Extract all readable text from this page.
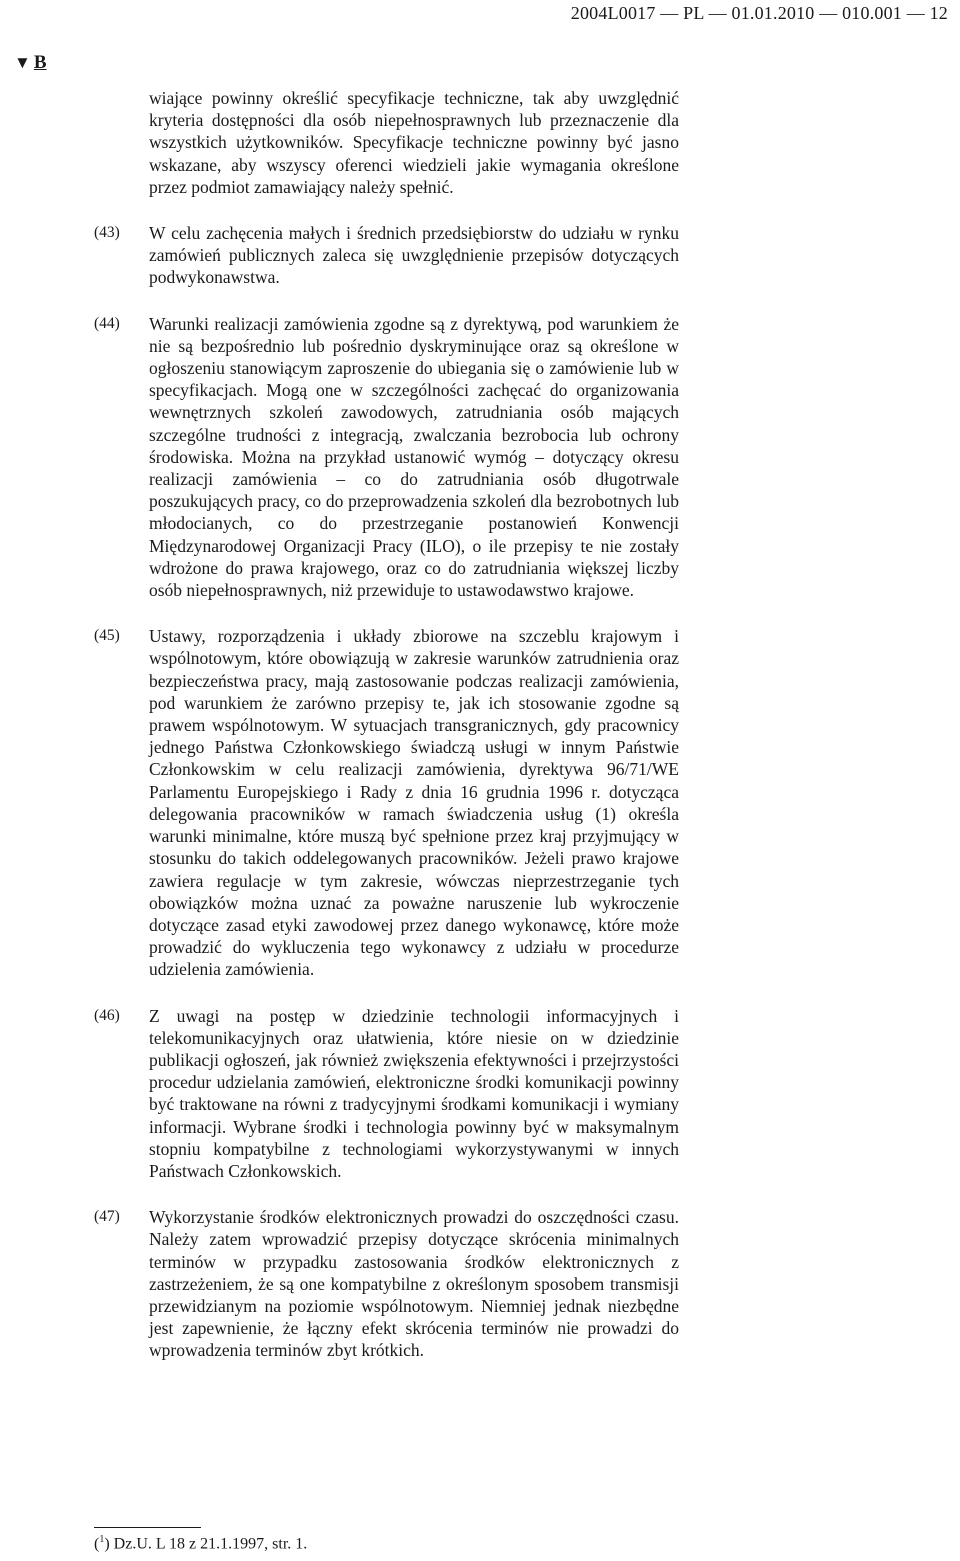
2004L0017 — PL — 01.01.2010 — 010.001 — 12
▼ B
wiające powinny określić specyfikacje techniczne, tak aby uwzględnić kryteria dostępności dla osób niepełnosprawnych lub przeznaczenie dla wszystkich użytkowników. Specyfikacje techniczne powinny być jasno wskazane, aby wszyscy oferenci wiedzieli jakie wymagania określone przez podmiot zamawiający należy spełnić.
(43)	W celu zachęcenia małych i średnich przedsiębiorstw do udziału w rynku zamówień publicznych zaleca się uwzględnienie przepisów dotyczących podwykonawstwa.
(44)	Warunki realizacji zamówienia zgodne są z dyrektywą, pod warunkiem że nie są bezpośrednio lub pośrednio dyskryminujące oraz są określone w ogłoszeniu stanowiącym zaproszenie do ubiegania się o zamówienie lub w specyfikacjach. Mogą one w szczególności zachęcać do organizowania wewnętrznych szkoleń zawodowych, zatrudniania osób mających szczególne trudności z integracją, zwalczania bezrobocia lub ochrony środowiska. Można na przykład ustanowić wymóg – dotyczący okresu realizacji zamówienia – co do zatrudniania osób długotrwale poszukujących pracy, co do przeprowadzenia szkoleń dla bezrobotnych lub młodocianych, co do przestrzeganie postanowień Konwencji Międzynarodowej Organizacji Pracy (ILO), o ile przepisy te nie zostały wdrożone do prawa krajowego, oraz co do zatrudniania większej liczby osób niepełnosprawnych, niż przewiduje to ustawodawstwo krajowe.
(45)	Ustawy, rozporządzenia i układy zbiorowe na szczeblu krajowym i wspólnotowym, które obowiązują w zakresie warunków zatrudnienia oraz bezpieczeństwa pracy, mają zastosowanie podczas realizacji zamówienia, pod warunkiem że zarówno przepisy te, jak ich stosowanie zgodne są prawem wspólnotowym. W sytuacjach transgranicznych, gdy pracownicy jednego Państwa Członkowskiego świadczą usługi w innym Państwie Członkowskim w celu realizacji zamówienia, dyrektywa 96/71/WE Parlamentu Europejskiego i Rady z dnia 16 grudnia 1996 r. dotycząca delegowania pracowników w ramach świadczenia usług (1) określa warunki minimalne, które muszą być spełnione przez kraj przyjmujący w stosunku do takich oddelegowanych pracowników. Jeżeli prawo krajowe zawiera regulacje w tym zakresie, wówczas nieprzestrzeganie tych obowiązków można uznać za poważne naruszenie lub wykroczenie dotyczące zasad etyki zawodowej przez danego wykonawcę, które może prowadzić do wykluczenia tego wykonawcy z udziału w procedurze udzielenia zamówienia.
(46)	Z uwagi na postęp w dziedzinie technologii informacyjnych i telekomunikacyjnych oraz ułatwienia, które niesie on w dziedzinie publikacji ogłoszeń, jak również zwiększenia efektywności i przejrzystości procedur udzielania zamówień, elektroniczne środki komunikacji powinny być traktowane na równi z tradycyjnymi środkami komunikacji i wymiany informacji. Wybrane środki i technologia powinny być w maksymalnym stopniu kompatybilne z technologiami wykorzystywanymi w innych Państwach Członkowskich.
(47)	Wykorzystanie środków elektronicznych prowadzi do oszczędności czasu. Należy zatem wprowadzić przepisy dotyczące skrócenia minimalnych terminów w przypadku zastosowania środków elektronicznych z zastrzeżeniem, że są one kompatybilne z określonym sposobem transmisji przewidzianym na poziomie wspólnotowym. Niemniej jednak niezbędne jest zapewnienie, że łączny efekt skrócenia terminów nie prowadzi do wprowadzenia terminów zbyt krótkich.
($^1$) Dz.U. L 18 z 21.1.1997, str. 1.
